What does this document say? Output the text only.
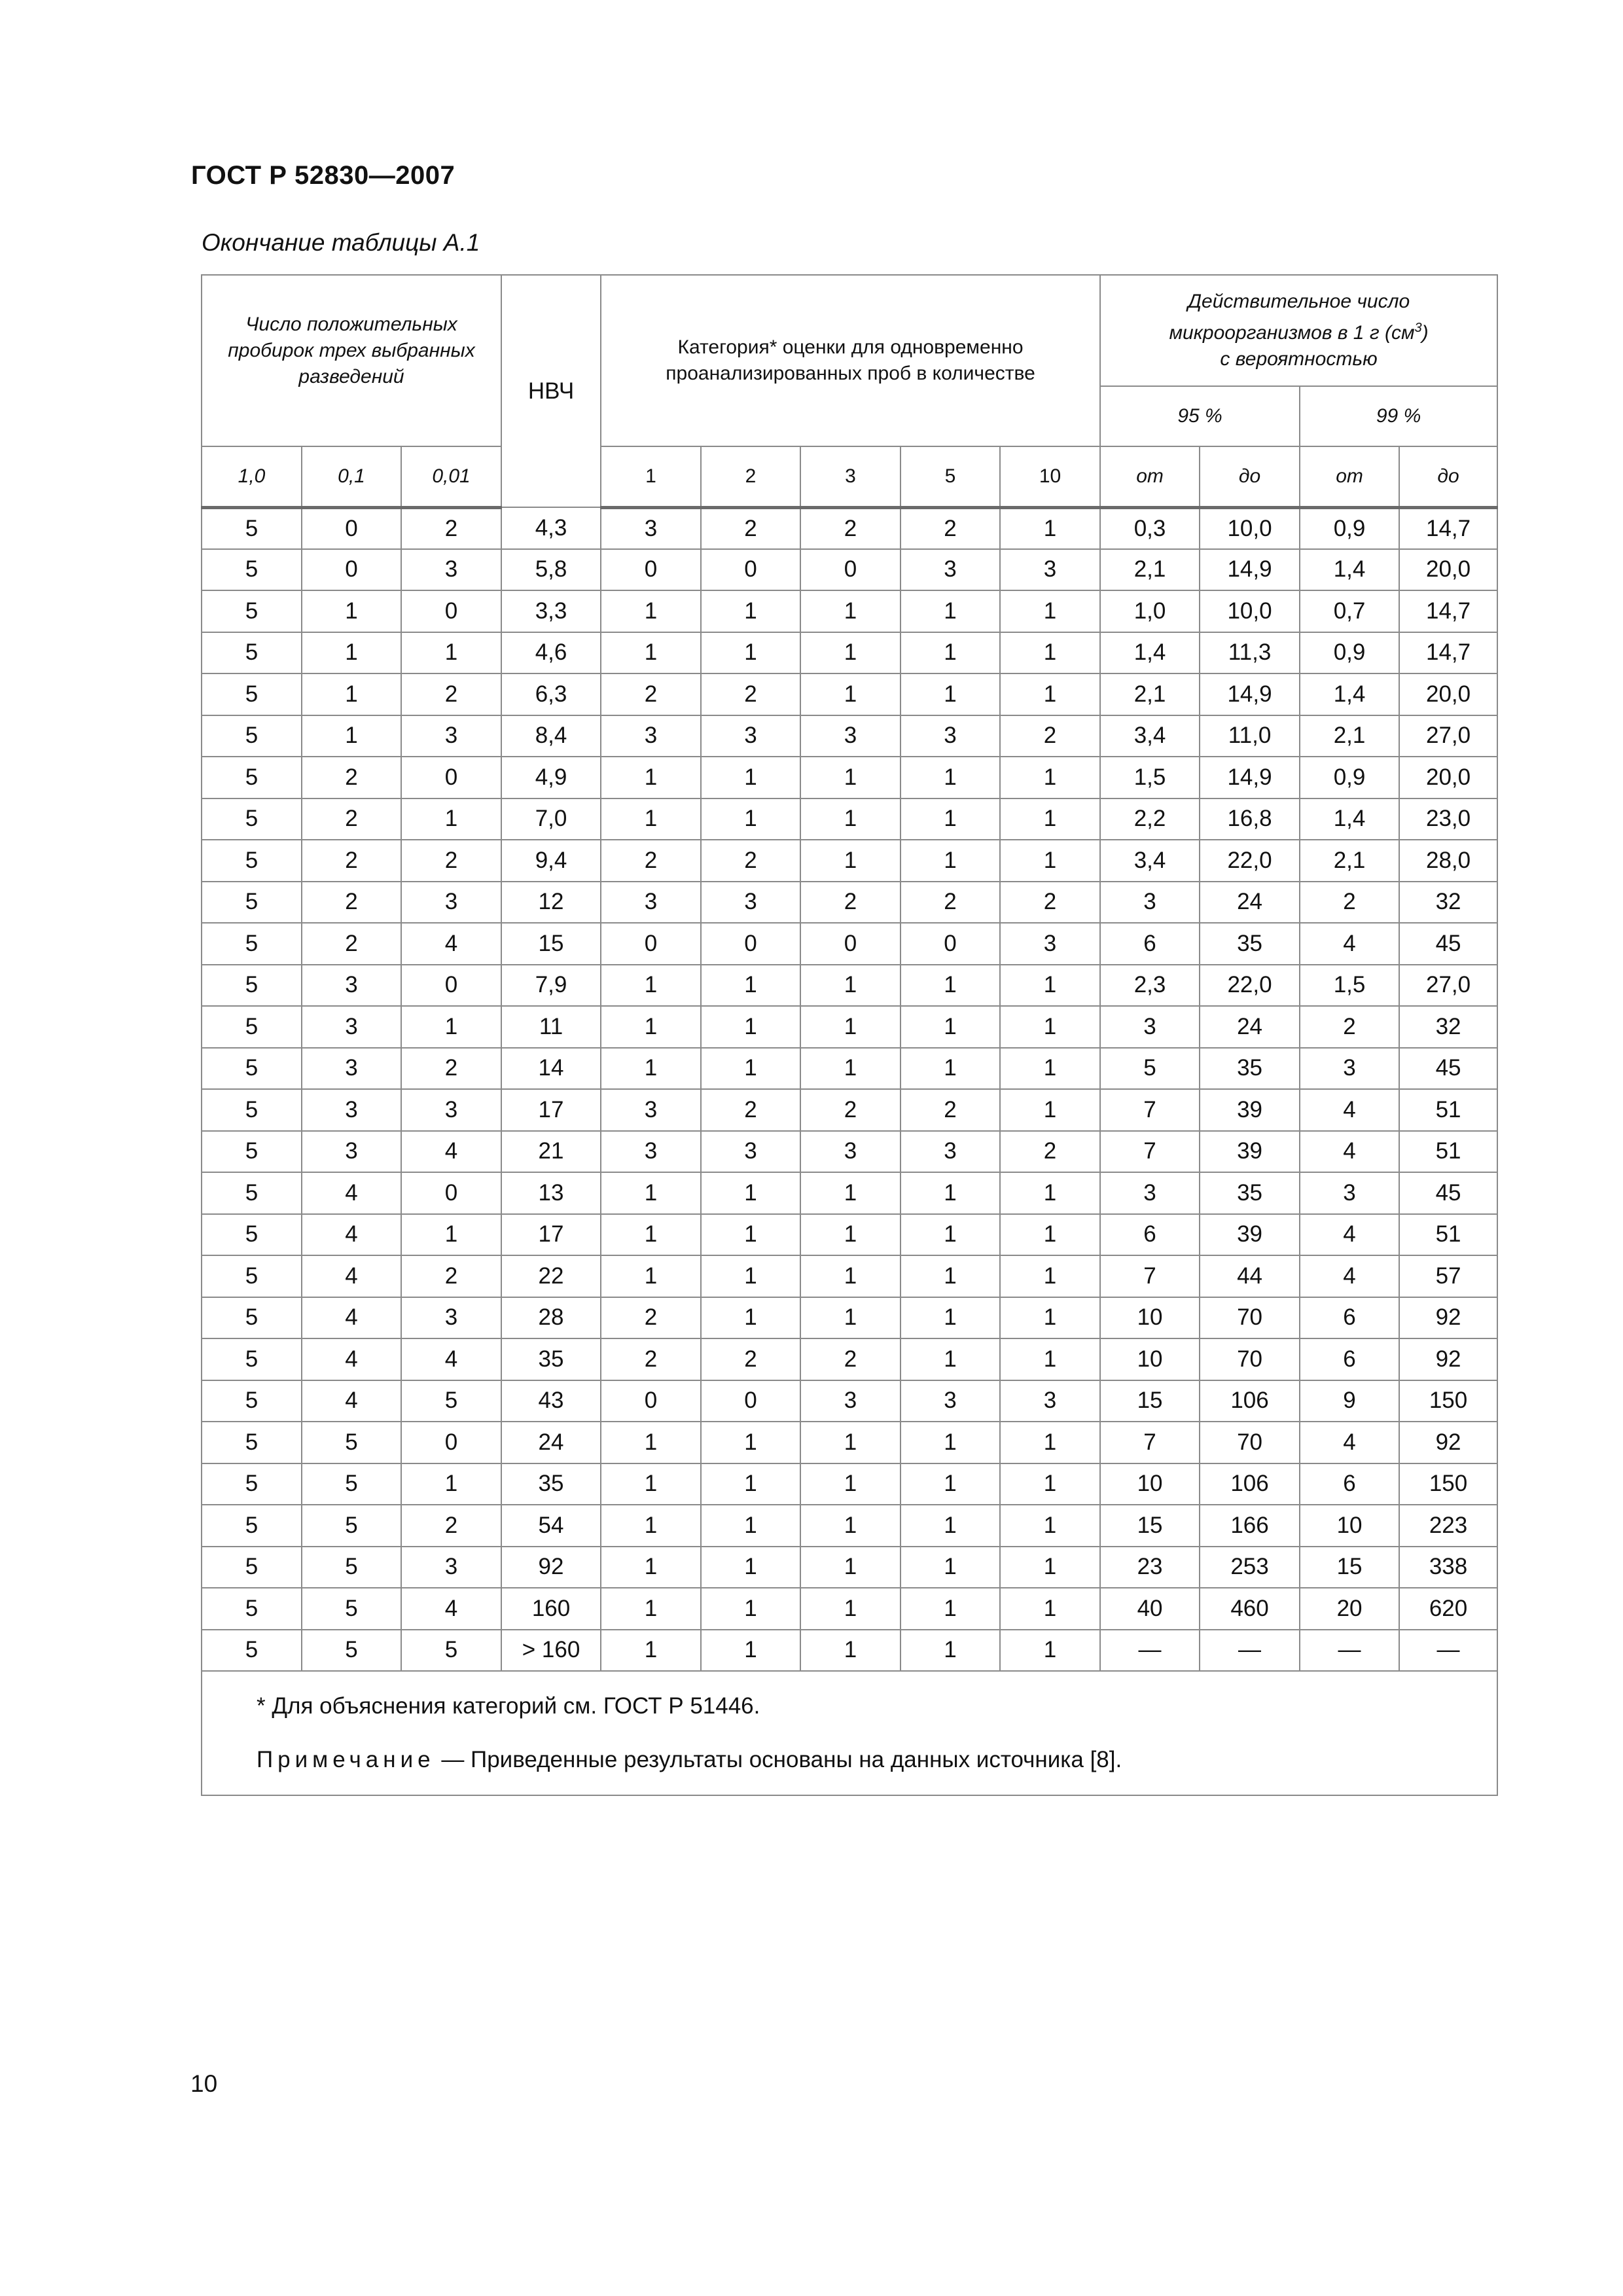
ГОСТ Р 52830—2007
Окончание таблицы А.1
Число положительных пробирок трех выбранных разведений			НВЧ	Категория* оценки для одновременно проанализированных проб в количестве					Действительное число
микроорганизмов в 1 г $(см^3)$
с вероятностью			

									95 %		99 %	
1,0	0,1	0,01		1	2	3	5	10	от	до	от	до
5	0	2	4,3	3	2	2	2	1	0,3	10,0	0,9	14,7
5	0	3	5,8	0	0	0	3	3	2,1	14,9	1,4	20,0
5	1	0	3,3	1	1	1	1	1	1,0	10,0	0,7	14,7
5	1	1	4,6	1	1	1	1	1	1,4	11,3	0,9	14,7
5	1	2	6,3	2	2	1	1	1	2,1	14,9	1,4	20,0
5	1	3	8,4	3	3	3	3	2	3,4	11,0	2,1	27,0
5	2	0	4,9	1	1	1	1	1	1,5	14,9	0,9	20,0
5	2	1	7,0	1	1	1	1	1	2,2	16,8	1,4	23,0
5	2	2	9,4	2	2	1	1	1	3,4	22,0	2,1	28,0
5	2	3	12	3	3	2	2	2	3	24	2	32
5	2	4	15	0	0	0	0	3	6	35	4	45
5	3	0	7,9	1	1	1	1	1	2,3	22,0	1,5	27,0
5	3	1	11	1	1	1	1	1	3	24	2	32
5	3	2	14	1	1	1	1	1	5	35	3	45
5	3	3	17	3	2	2	2	1	7	39	4	51
5	3	4	21	3	3	3	3	2	7	39	4	51
5	4	0	13	1	1	1	1	1	3	35	3	45
5	4	1	17	1	1	1	1	1	6	39	4	51
5	4	2	22	1	1	1	1	1	7	44	4	57
5	4	3	28	2	1	1	1	1	10	70	6	92
5	4	4	35	2	2	2	1	1	10	70	6	92
5	4	5	43	0	0	3	3	3	15	106	9	150
5	5	0	24	1	1	1	1	1	7	70	4	92
5	5	1	35	1	1	1	1	1	10	106	6	150
5	5	2	54	1	1	1	1	1	15	166	10	223
5	5	3	92	1	1	1	1	1	23	253	15	338
5	5	4	160	1	1	1	1	1	40	460	20	620
5	5	5	> 160	1	1	1	1	1	—	—	—	—

* Для объяснения категорий см. ГОСТ Р 51446.
Примечание — Приведенные результаты основаны на данных источника [8].												
10
